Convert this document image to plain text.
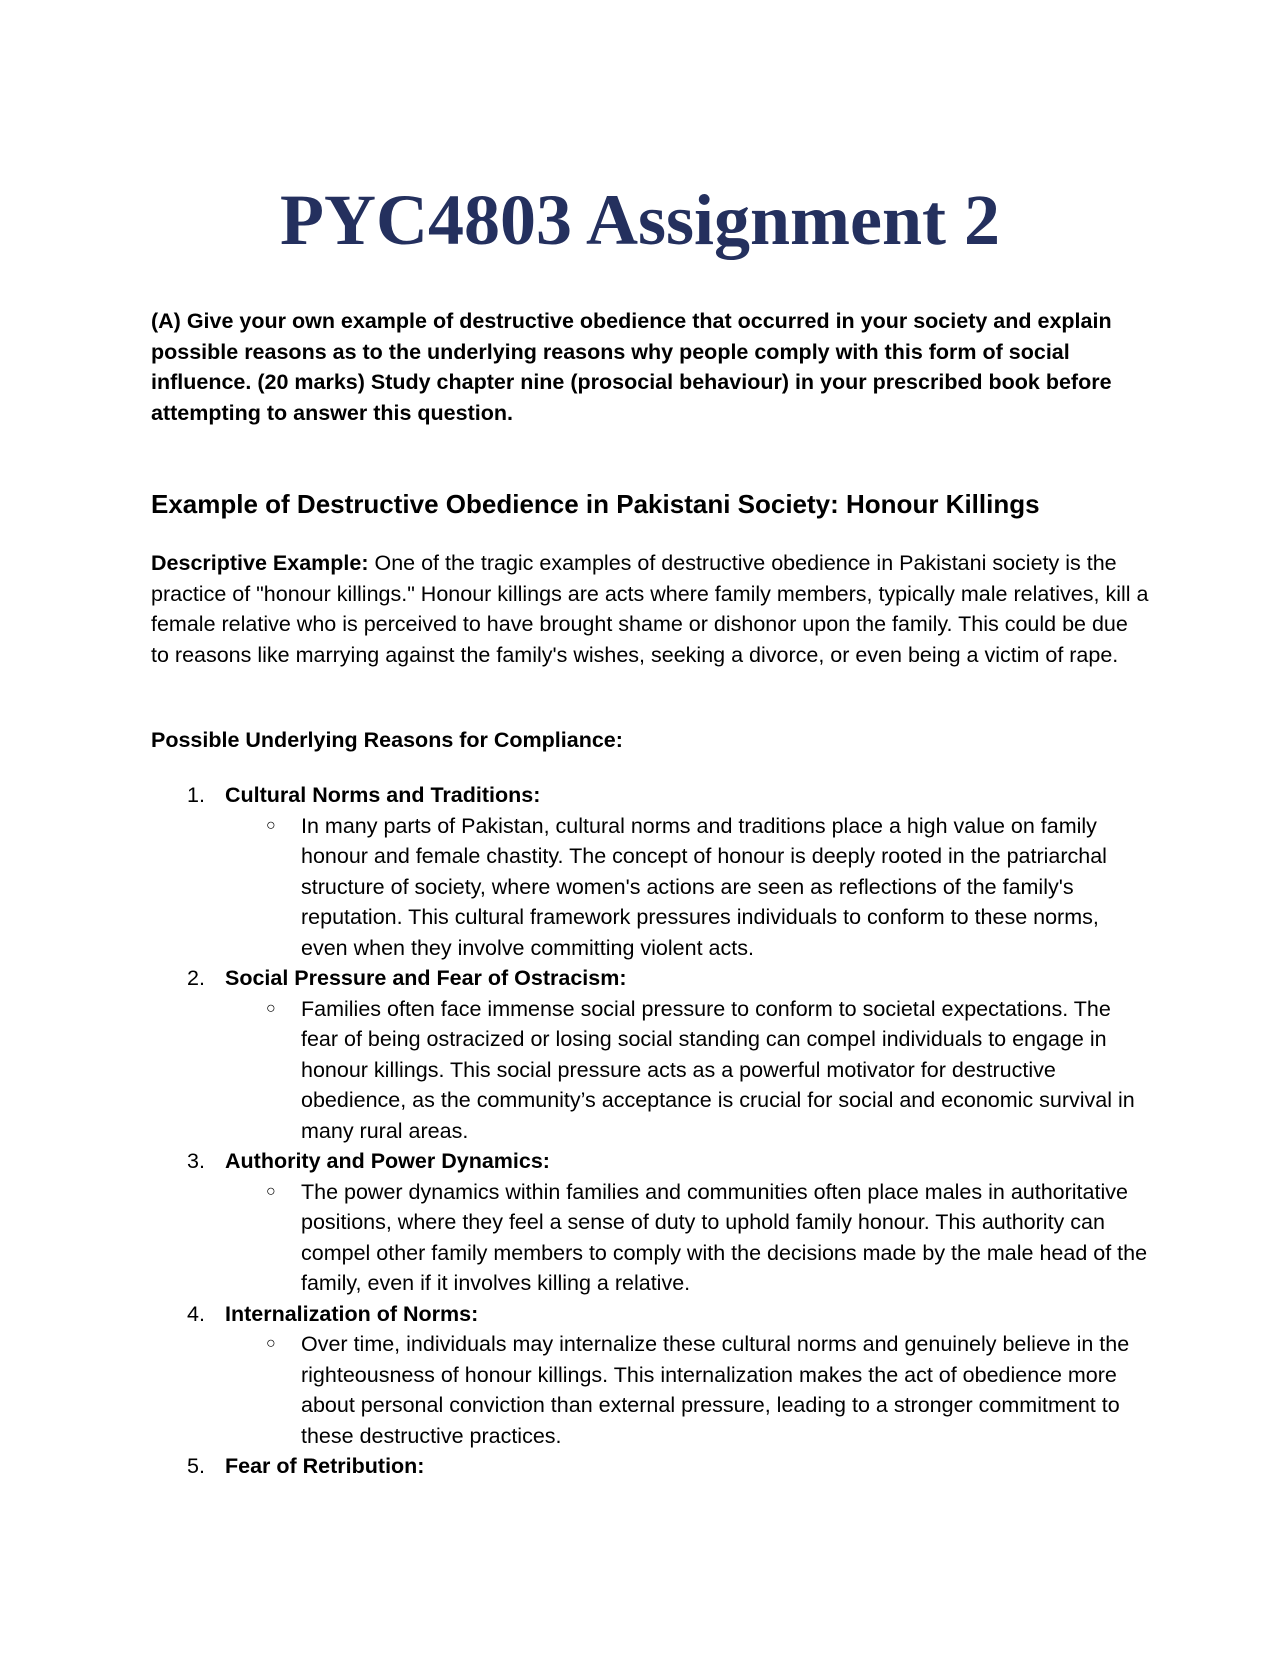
PYC4803 Assignment 2

(A) Give your own example of destructive obedience that occurred in your society and explain possible reasons as to the underlying reasons why people comply with this form of social influence. (20 marks) Study chapter nine (prosocial behaviour) in your prescribed book before attempting to answer this question.

Example of Destructive Obedience in Pakistani Society: Honour Killings

Descriptive Example: One of the tragic examples of destructive obedience in Pakistani society is the practice of "honour killings." Honour killings are acts where family members, typically male relatives, kill a female relative who is perceived to have brought shame or dishonor upon the family. This could be due to reasons like marrying against the family's wishes, seeking a divorce, or even being a victim of rape.

Possible Underlying Reasons for Compliance:

1. Cultural Norms and Traditions:
○ In many parts of Pakistan, cultural norms and traditions place a high value on family honour and female chastity. The concept of honour is deeply rooted in the patriarchal structure of society, where women's actions are seen as reflections of the family's reputation. This cultural framework pressures individuals to conform to these norms, even when they involve committing violent acts.
2. Social Pressure and Fear of Ostracism:
○ Families often face immense social pressure to conform to societal expectations. The fear of being ostracized or losing social standing can compel individuals to engage in honour killings. This social pressure acts as a powerful motivator for destructive obedience, as the community’s acceptance is crucial for social and economic survival in many rural areas.
3. Authority and Power Dynamics:
○ The power dynamics within families and communities often place males in authoritative positions, where they feel a sense of duty to uphold family honour. This authority can compel other family members to comply with the decisions made by the male head of the family, even if it involves killing a relative.
4. Internalization of Norms:
○ Over time, individuals may internalize these cultural norms and genuinely believe in the righteousness of honour killings. This internalization makes the act of obedience more about personal conviction than external pressure, leading to a stronger commitment to these destructive practices.
5. Fear of Retribution:
